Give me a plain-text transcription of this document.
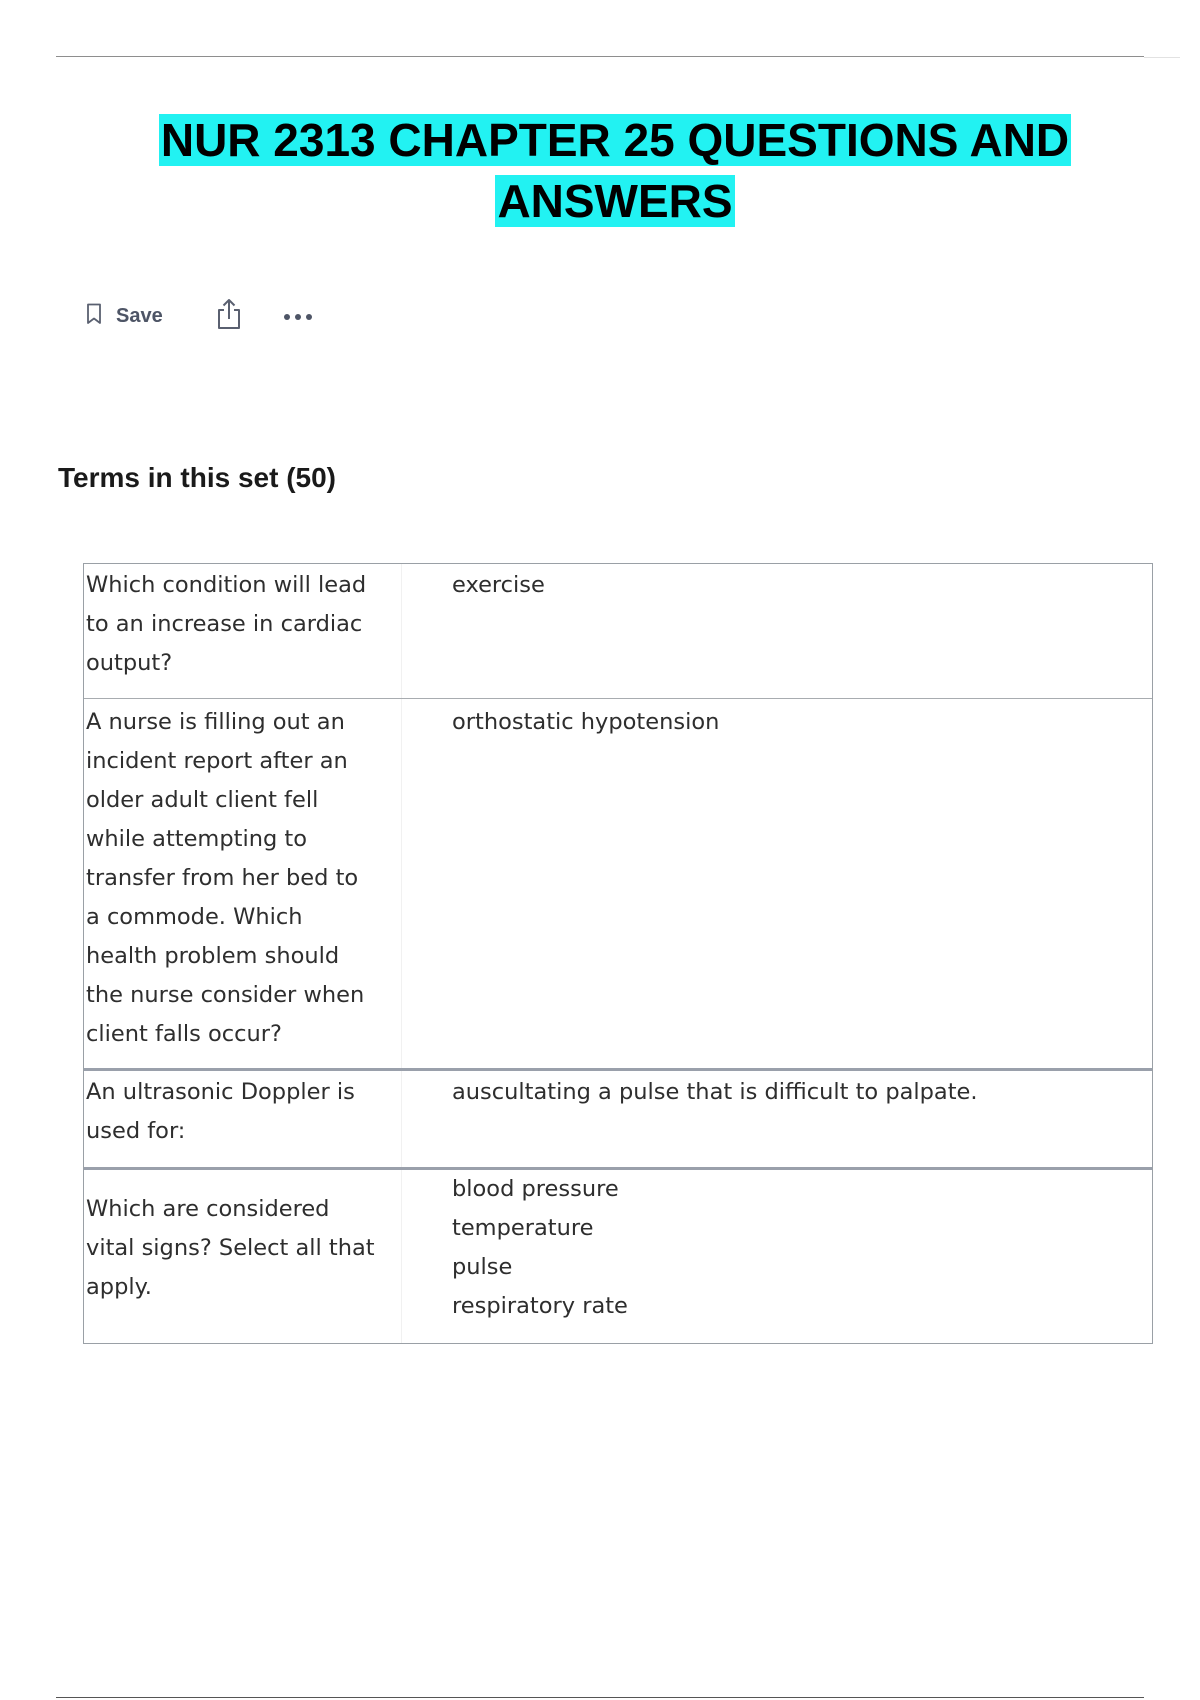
NUR 2313 CHAPTER 25 QUESTIONS AND
ANSWERS
Save
Terms in this set (50)
Which condition will lead to an increase in cardiac output?
exercise
A nurse is filling out an incident report after an older adult client fell while attempting to transfer from her bed to a commode. Which health problem should the nurse consider when client falls occur?
orthostatic hypotension
An ultrasonic Doppler is used for:
auscultating a pulse that is difficult to palpate.
Which are considered vital signs? Select all that apply.
blood pressure
temperature
pulse
respiratory rate
